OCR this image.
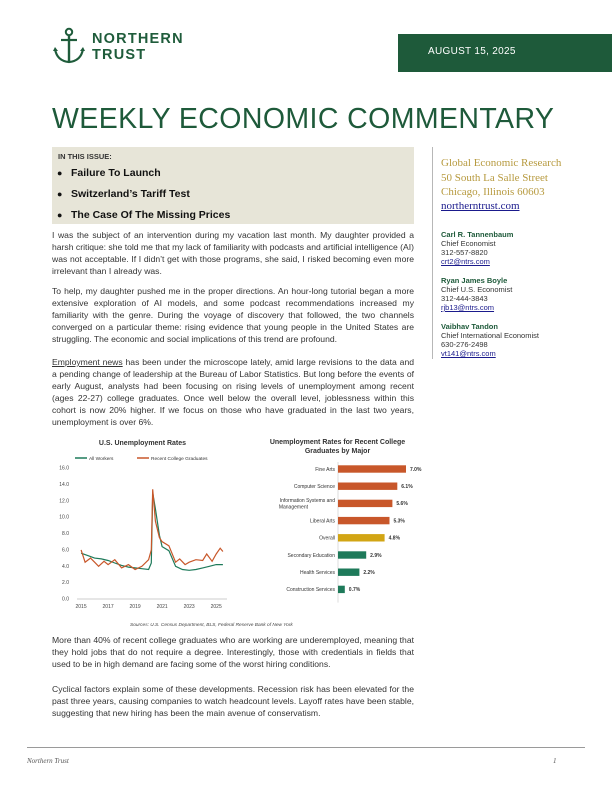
NORTHERN
TRUST	AUGUST 15, 2025
WEEKLY ECONOMIC COMMENTARY
IN THIS ISSUE:
● Failure To Launch
● Switzerland’s Tariff Test
● The Case Of The Missing Prices
Global Economic Research
50 South La Salle Street
Chicago, Illinois 60603
northerntrust.com
Carl R. Tannenbaum
Chief Economist
312-557-8820
crt2@ntrs.com
Ryan James Boyle
Chief U.S. Economist
312-444-3843
rjb13@ntrs.com
Vaibhav Tandon
Chief International Economist
630-276-2498
vt141@ntrs.com
I was the subject of an intervention during my vacation last month. My daughter provided a harsh critique: she told me that my lack of familiarity with podcasts and artificial intelligence (AI) was not acceptable. If I didn’t get with those programs, she said, I risked becoming even more irrelevant than I already was.
To help, my daughter pushed me in the proper directions. An hour-long tutorial began a more extensive exploration of AI models, and some podcast recommendations increased my familiarity with the genre. During the voyage of discovery that followed, the two channels converged on a particular theme: rising evidence that young people in the United States are struggling. The economic and social implications of this trend are profound.
Employment news has been under the microscope lately, amid large revisions to the data and a pending change of leadership at the Bureau of Labor Statistics. But long before the events of early August, analysts had been focusing on rising levels of unemployment among recent (ages 22-27) college graduates. Once well below the overall level, joblessness within this cohort is now 20% higher. If we focus on those who have graduated in the last two years, unemployment is over 6%.
U.S. Unemployment Rates
All Workers	Recent College Graduates
0.0
2.0
4.0
6.0
8.0
10.0
12.0
14.0
16.0
2015	2017	2019	2021	2023	2025
Unemployment Rates for Recent College Graduates by Major
7.0%
Fine Arts
6.1%
Computer Science
5.6%
Information Systems and
Management
5.3%
Liberal Arts
4.8%
Overall
2.9%
Secondary Education
2.2%
Health Services
0.7%
Construction Services
Sources: U.S. Census Department, BLS, Federal Reserve Bank of New York
More than 40% of recent college graduates who are working are underemployed, meaning that they hold jobs that do not require a degree. Interestingly, those with credentials in fields that used to be in high demand are facing some of the worst hiring conditions.
Cyclical factors explain some of these developments. Recession risk has been elevated for the past three years, causing companies to watch headcount levels. Layoff rates have been stable, suggesting that new hiring has been the main avenue of conservatism.
Northern Trust	1
